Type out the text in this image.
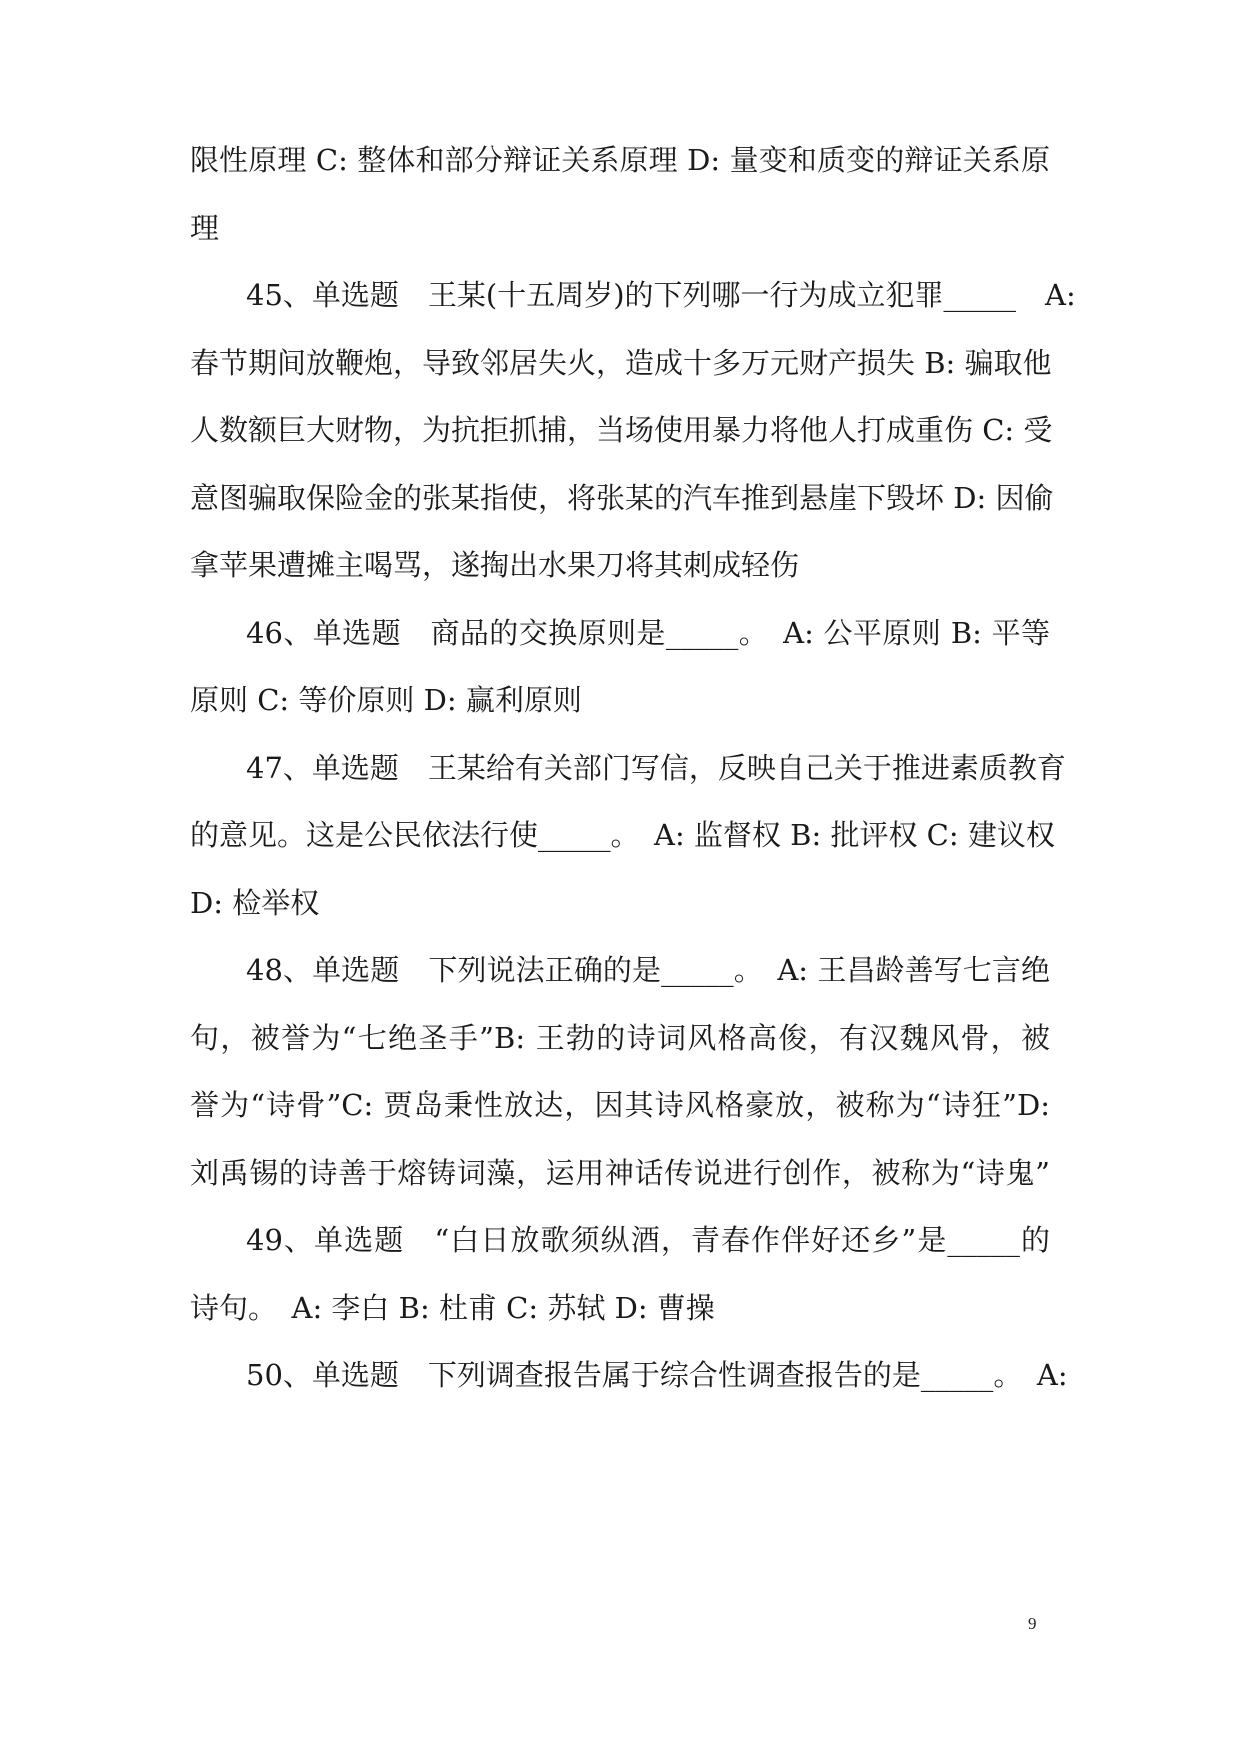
限性原理 C: 整体和部分辩证关系原理 D: 量变和质变的辩证关系原
理
45、单选题　王某(十五周岁)的下列哪一行为成立犯罪_____　A:
春节期间放鞭炮，导致邻居失火，造成十多万元财产损失 B: 骗取他
人数额巨大财物，为抗拒抓捕，当场使用暴力将他人打成重伤 C: 受
意图骗取保险金的张某指使，将张某的汽车推到悬崖下毁坏 D: 因偷
拿苹果遭摊主喝骂，遂掏出水果刀将其刺成轻伤
46、单选题　商品的交换原则是_____。　A: 公平原则 B: 平等
原则 C: 等价原则 D: 赢利原则
47、单选题　王某给有关部门写信，反映自己关于推进素质教育
的意见。这是公民依法行使_____。　A: 监督权 B: 批评权 C: 建议权
D: 检举权
48、单选题　下列说法正确的是_____。　A: 王昌龄善写七言绝
句，被誉为“七绝圣手”B: 王勃的诗词风格高俊，有汉魏风骨，被
誉为“诗骨”C: 贾岛秉性放达，因其诗风格豪放，被称为“诗狂”D:
刘禹锡的诗善于熔铸词藻，运用神话传说进行创作，被称为“诗鬼”
49、单选题　“白日放歌须纵酒，青春作伴好还乡”是_____的
诗句。　A: 李白 B: 杜甫 C: 苏轼 D: 曹操
50、单选题　下列调查报告属于综合性调查报告的是_____。　A:
9
